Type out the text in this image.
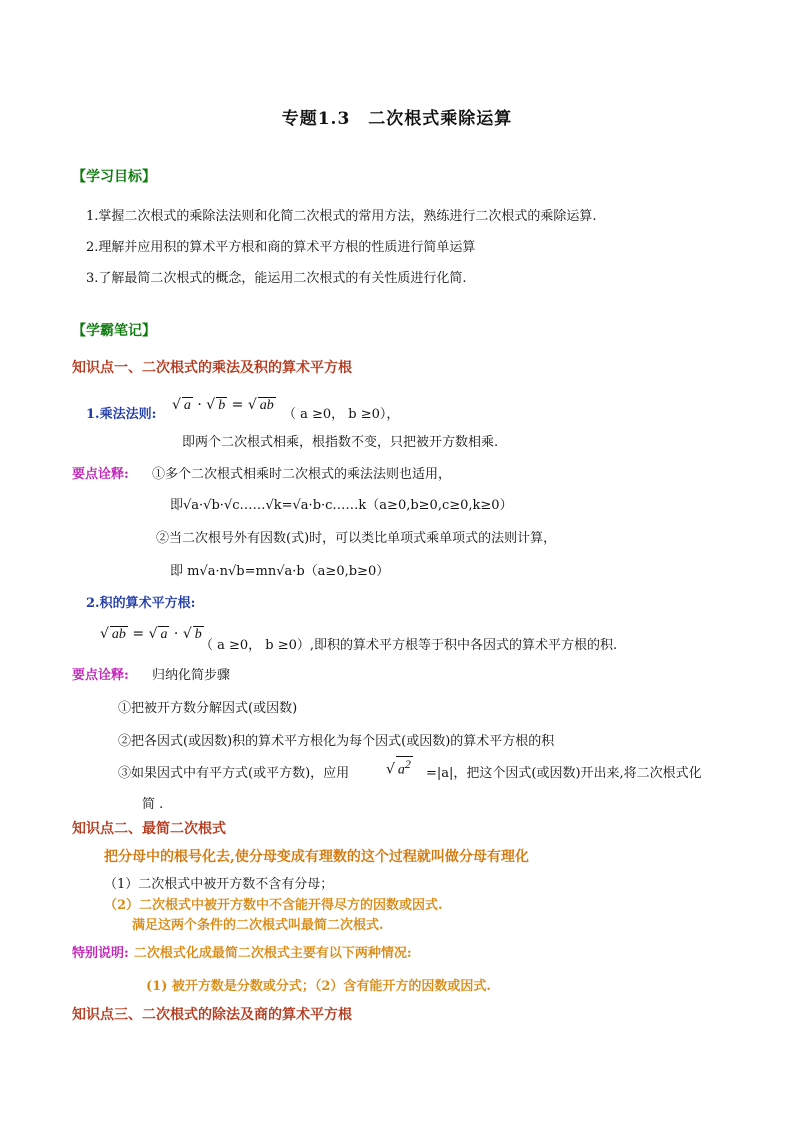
专题1.3　二次根式乘除运算
【学习目标】
1.掌握二次根式的乘除法法则和化简二次根式的常用方法，熟练进行二次根式的乘除运算.
2.理解并应用积的算术平方根和商的算术平方根的性质进行简单运算
3.了解最简二次根式的概念，能运用二次根式的有关性质进行化简.
【学霸笔记】
知识点一、二次根式的乘法及积的算术平方根
1.乘法法则:
√ a · √ b = √ ab
（ a ≥0， b ≥0），
即两个二次根式相乘，根指数不变，只把被开方数相乘.
要点诠释: ①多个二次根式相乘时二次根式的乘法法则也适用，
即√a·√b·√c……√k=√a·b·c……k（a≥0,b≥0,c≥0,k≥0）
②当二次根号外有因数(式)时，可以类比单项式乘单项式的法则计算，
即 m√a·n√b=mn√a·b（a≥0,b≥0）
2.积的算术平方根:
√ ab = √ a · √ b
（ a ≥0， b ≥0）,即积的算术平方根等于积中各因式的算术平方根的积.
要点诠释: 归纳化简步骤
①把被开方数分解因式(或因数)
②把各因式(或因数)积的算术平方根化为每个因式(或因数)的算术平方根的积
③如果因式中有平方式(或平方数)，应用	√ $a^2$
=|a|，把这个因式(或因数)开出来,将二次根式化
简 .
知识点二、最简二次根式
把分母中的根号化去,使分母变成有理数的这个过程就叫做分母有理化
（1）二次根式中被开方数不含有分母；
（2）二次根式中被开方数中不含能开得尽方的因数或因式.
满足这两个条件的二次根式叫最简二次根式.
特别说明: 二次根式化成最简二次根式主要有以下两种情况:
(1) 被开方数是分数或分式；（2）含有能开方的因数或因式.
知识点三、二次根式的除法及商的算术平方根
